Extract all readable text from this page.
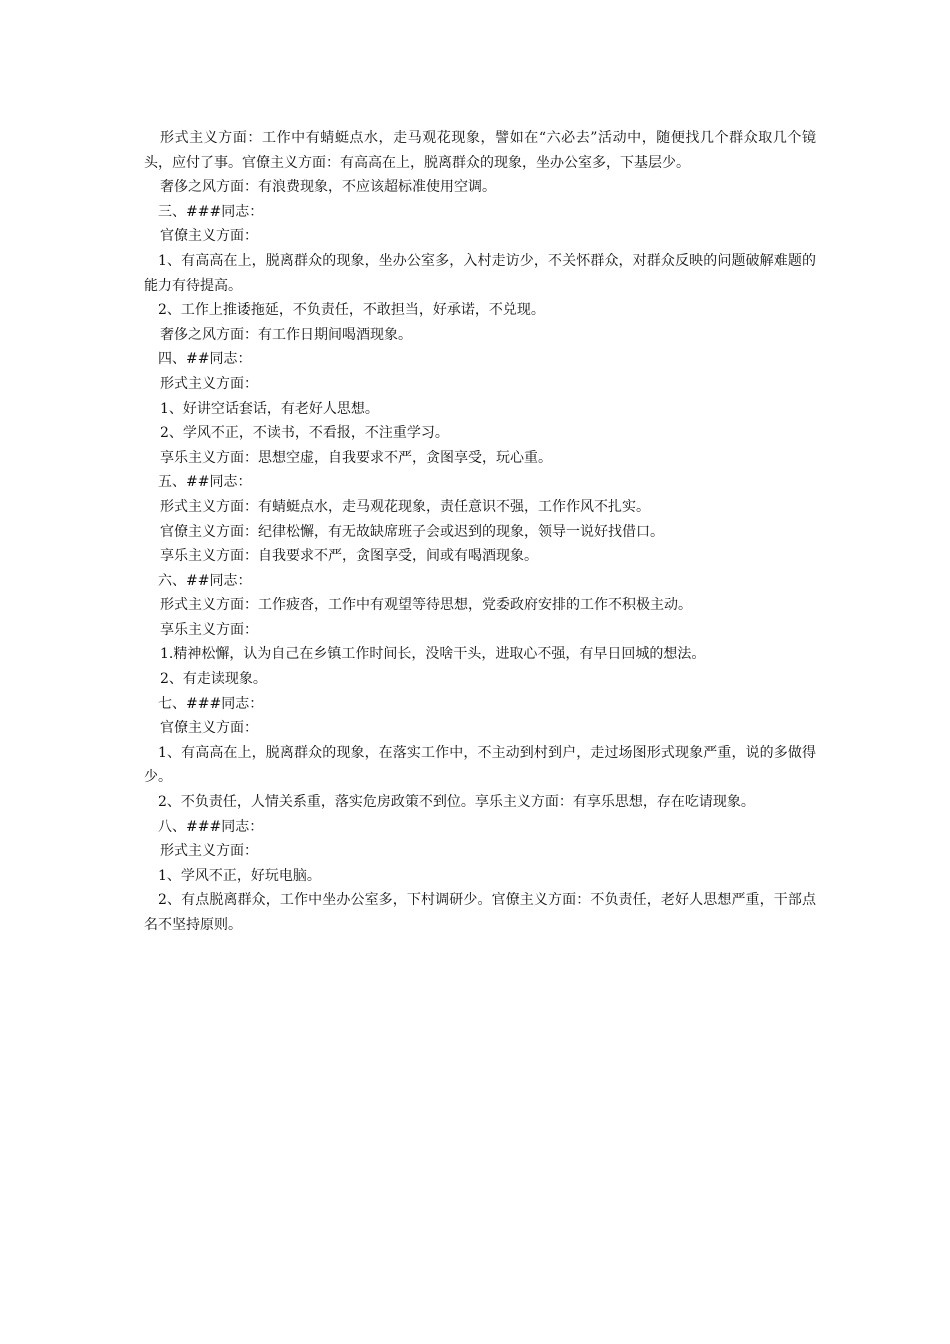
形式主义方面：工作中有蜻蜓点水，走马观花现象，譬如在“六必去”活动中，随便找几个群众取几个镜头，应付了事。官僚主义方面：有高高在上，脱离群众的现象，坐办公室多，下基层少。

奢侈之风方面：有浪费现象，不应该超标准使用空调。

三、###同志：

官僚主义方面：

1、有高高在上，脱离群众的现象，坐办公室多，入村走访少，不关怀群众，对群众反映的问题破解难题的能力有待提高。

2、工作上推诿拖延，不负责任，不敢担当，好承诺，不兑现。

奢侈之风方面：有工作日期间喝酒现象。

四、##同志：

形式主义方面：

1、好讲空话套话，有老好人思想。

2、学风不正，不读书，不看报，不注重学习。

享乐主义方面：思想空虚，自我要求不严，贪图享受，玩心重。

五、##同志：

形式主义方面：有蜻蜓点水，走马观花现象，责任意识不强，工作作风不扎实。

官僚主义方面：纪律松懈，有无故缺席班子会或迟到的现象，领导一说好找借口。

享乐主义方面：自我要求不严，贪图享受，间或有喝酒现象。

六、##同志：

形式主义方面：工作疲沓，工作中有观望等待思想，党委政府安排的工作不积极主动。

享乐主义方面：

1.精神松懈，认为自己在乡镇工作时间长，没啥干头，进取心不强，有早日回城的想法。

2、有走读现象。

七、###同志：

官僚主义方面：

1、有高高在上，脱离群众的现象，在落实工作中，不主动到村到户，走过场图形式现象严重，说的多做得少。

2、不负责任，人情关系重，落实危房政策不到位。享乐主义方面：有享乐思想，存在吃请现象。

八、###同志：

形式主义方面：

1、学风不正，好玩电脑。

2、有点脱离群众，工作中坐办公室多，下村调研少。官僚主义方面：不负责任，老好人思想严重，干部点名不坚持原则。
